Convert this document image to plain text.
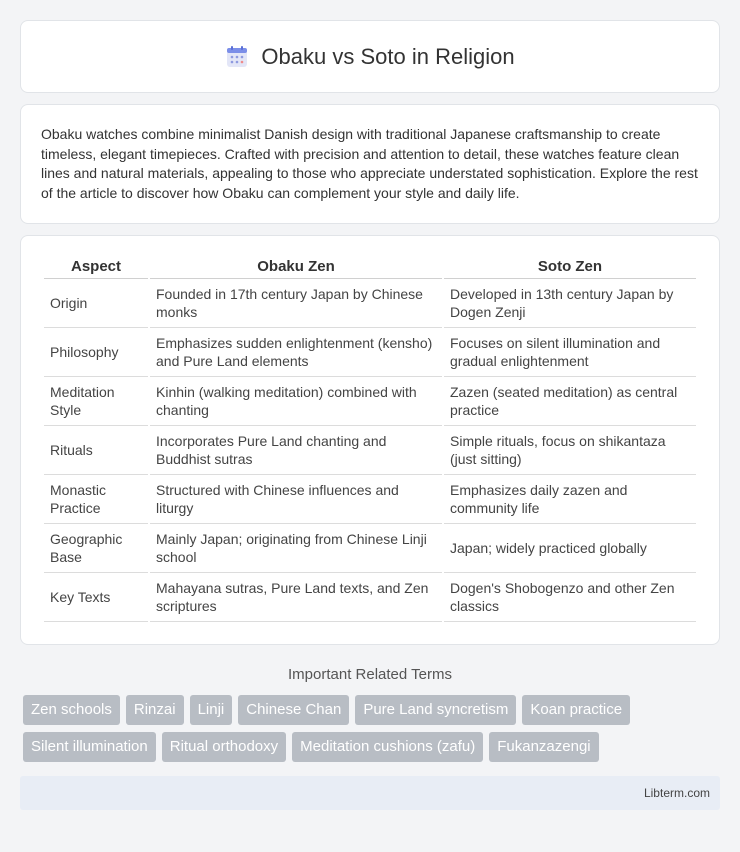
Obaku vs Soto in Religion

Obaku watches combine minimalist Danish design with traditional Japanese craftsmanship to create timeless, elegant timepieces. Crafted with precision and attention to detail, these watches feature clean lines and natural materials, appealing to those who appreciate understated sophistication. Explore the rest of the article to discover how Obaku can complement your style and daily life.

Aspect	Obaku Zen	Soto Zen
Origin	Founded in 17th century Japan by Chinese monks	Developed in 13th century Japan by Dogen Zenji
Philosophy	Emphasizes sudden enlightenment (kensho) and Pure Land elements	Focuses on silent illumination and gradual enlightenment
Meditation Style	Kinhin (walking meditation) combined with chanting	Zazen (seated meditation) as central practice
Rituals	Incorporates Pure Land chanting and Buddhist sutras	Simple rituals, focus on shikantaza (just sitting)
Monastic Practice	Structured with Chinese influences and liturgy	Emphasizes daily zazen and community life
Geographic Base	Mainly Japan; originating from Chinese Linji school	Japan; widely practiced globally
Key Texts	Mahayana sutras, Pure Land texts, and Zen scriptures	Dogen's Shobogenzo and other Zen classics
Important Related Terms
Zen schools	Rinzai	Linji	Chinese Chan	Pure Land syncretism	Koan practice
Silent illumination	Ritual orthodoxy	Meditation cushions (zafu)	Fukanzazengi
Libterm.com
